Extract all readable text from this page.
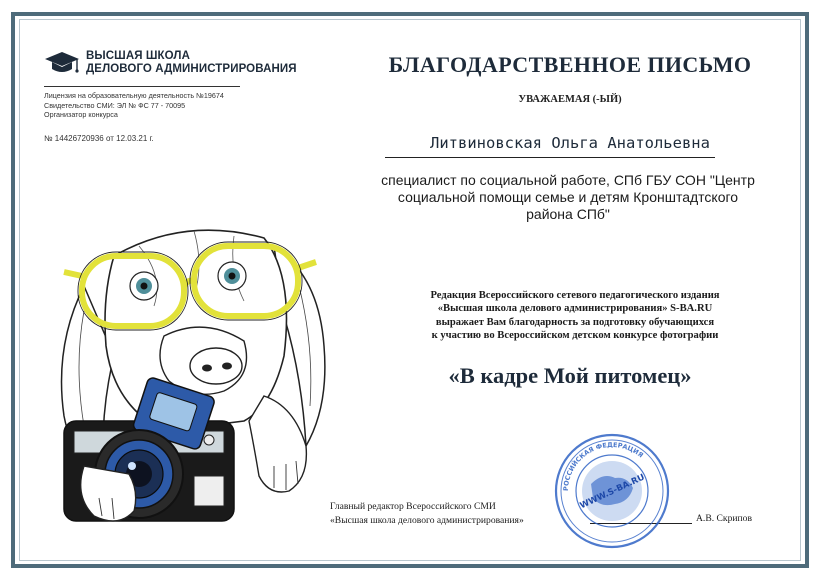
ВЫСШАЯ ШКОЛА
ДЕЛОВОГО АДМИНИСТРИРОВАНИЯ
Лицензия на образовательную деятельность №19674
Свидетельство СМИ: ЭЛ № ФС 77 - 70095
Организатор конкурса
№ 14426720936 от 12.03.21 г.
БЛАГОДАРСТВЕННОЕ ПИСЬМО
УВАЖАЕМАЯ (-ЫЙ)
Литвиновская Ольга Анатольевна
специалист по социальной работе, СПб ГБУ СОН "Центр
социальной помощи семье и детям Кронштадтского
района СПб"
Редакция Всероссийского сетевого педагогического издания
«Высшая школа делового администрирования» S-BA.RU
выражает Вам благодарность за подготовку обучающихся
к участию во Всероссийском детском конкурсе фотографии
«В кадре Мой питомец»
Главный редактор Всероссийского СМИ
«Высшая школа делового администрирования»	А.В. Скрипов
РОССИЙСКАЯ ФЕДЕРАЦИЯ
WWW.S-BA.RU
